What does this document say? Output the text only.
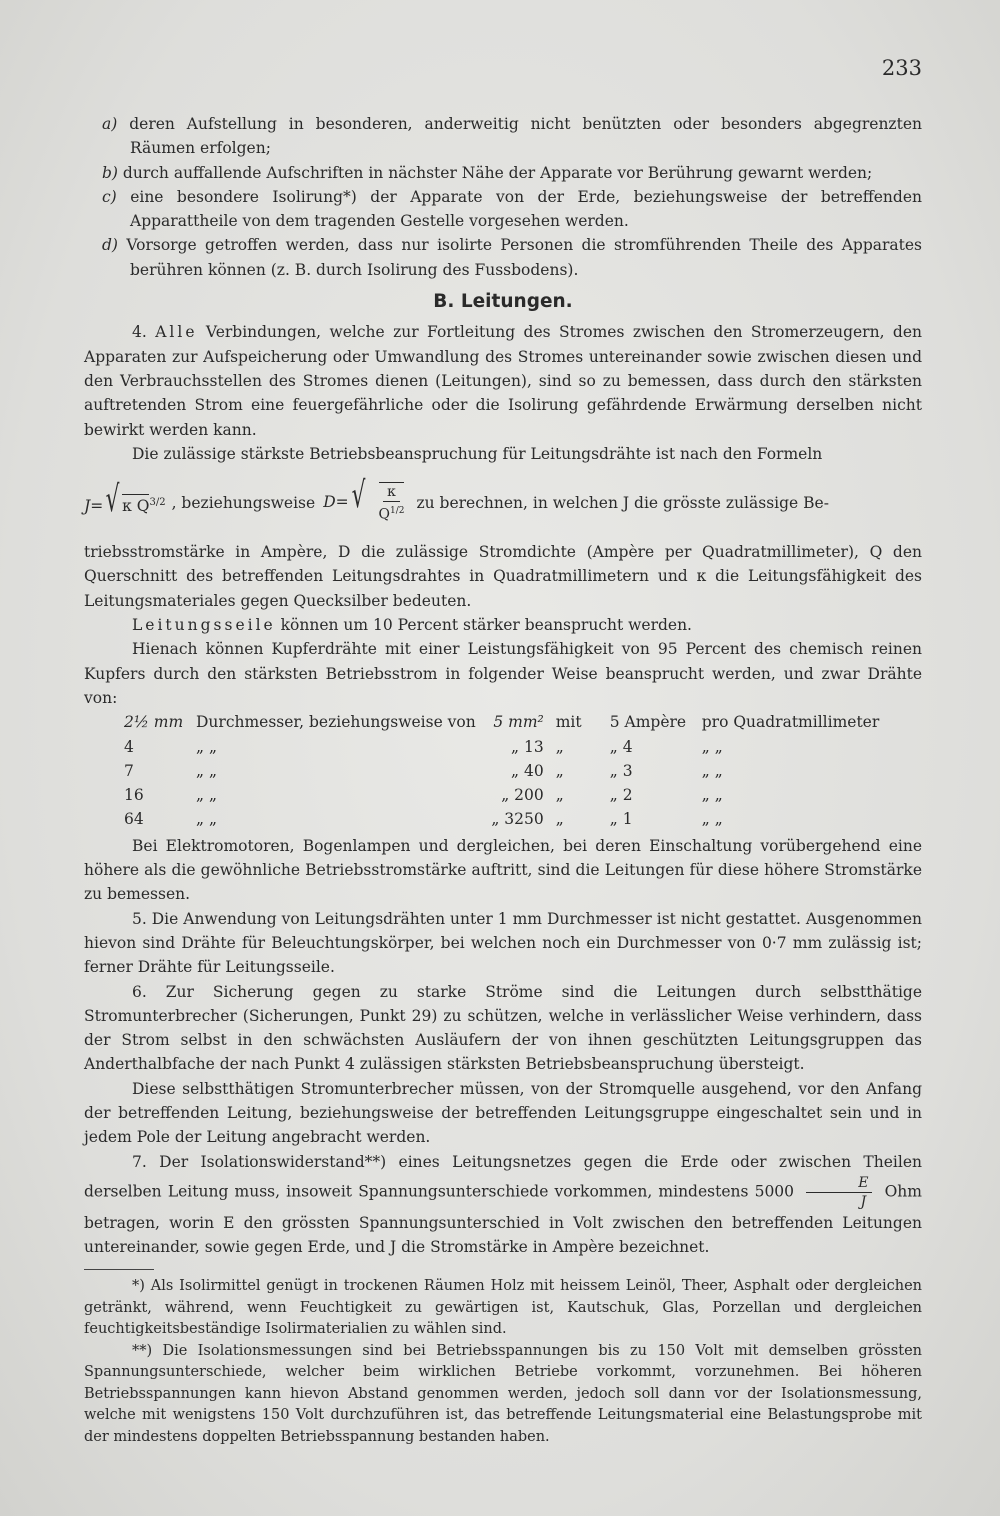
233

a) deren Aufstellung in besonderen, anderweitig nicht benützten oder besonders abgegrenzten Räumen erfolgen;

b) durch auffallende Aufschriften in nächster Nähe der Apparate vor Berührung gewarnt werden;

c) eine besondere Isolirung*) der Apparate von der Erde, beziehungsweise der betreffenden Apparattheile von dem tragenden Gestelle vorgesehen werden.

d) Vorsorge getroffen werden, dass nur isolirte Personen die stromführenden Theile des Apparates berühren können (z. B. durch Isolirung des Fussbodens).

B. Leitungen.

4. Alle Verbindungen, welche zur Fortleitung des Stromes zwischen den Stromerzeugern, den Apparaten zur Aufspeicherung oder Umwandlung des Stromes untereinander sowie zwischen diesen und den Verbrauchsstellen des Stromes dienen (Leitungen), sind so zu bemessen, dass durch den stärksten auftretenden Strom eine feuergefährliche oder die Isolirung gefährdende Erwärmung derselben nicht bewirkt werden kann.

Die zulässige stärkste Betriebsbeanspruchung für Leitungsdrähte ist nach den Formeln

J=√ κ $Q^{3/2}$ , beziehungsweise $D=√ \frac{\kappa}{Q^{1/2}}$ zu berechnen, in welchen J die grösste zulässige Be-

triebsstromstärke in Ampère, D die zulässige Stromdichte (Ampère per Quadratmillimeter), Q den Querschnitt des betreffenden Leitungsdrahtes in Quadratmillimetern und κ die Leitungsfähigkeit des Leitungsmateriales gegen Quecksilber bedeuten.

Leitungsseile können um 10 Percent stärker beansprucht werden.

Hienach können Kupferdrähte mit einer Leistungsfähigkeit von 95 Percent des chemisch reinen Kupfers durch den stärksten Betriebsstrom in folgender Weise beansprucht werden, und zwar Drähte von:

2½ mm	Durchmesser, beziehungsweise von	5 mm²	mit	5 Ampère	pro Quadratmillimeter
4	„ „	„ 13	„	„ 4	„ „
7	„ „	„ 40	„	„ 3	„ „
16	„ „	„ 200	„	„ 2	„ „
64	„ „	„ 3250	„	„ 1	„ „

Bei Elektromotoren, Bogenlampen und dergleichen, bei deren Einschaltung vorübergehend eine höhere als die gewöhnliche Betriebsstromstärke auftritt, sind die Leitungen für diese höhere Stromstärke zu bemessen.

5. Die Anwendung von Leitungsdrähten unter 1 mm Durchmesser ist nicht gestattet. Ausgenommen hievon sind Drähte für Beleuchtungskörper, bei welchen noch ein Durchmesser von 0·7 mm zulässig ist; ferner Drähte für Leitungsseile.

6. Zur Sicherung gegen zu starke Ströme sind die Leitungen durch selbstthätige Stromunterbrecher (Sicherungen, Punkt 29) zu schützen, welche in verlässlicher Weise verhindern, dass der Strom selbst in den schwächsten Ausläufern der von ihnen geschützten Leitungsgruppen das Anderthalbfache der nach Punkt 4 zulässigen stärksten Betriebsbeanspruchung übersteigt.

Diese selbstthätigen Stromunterbrecher müssen, von der Stromquelle ausgehend, vor den Anfang der betreffenden Leitung, beziehungsweise der betreffenden Leitungsgruppe eingeschaltet sein und in jedem Pole der Leitung angebracht werden.

7. Der Isolationswiderstand**) eines Leitungsnetzes gegen die Erde oder zwischen Theilen derselben Leitung muss, insoweit Spannungsunterschiede vorkommen, mindestens $5000 \frac{E}{J}$ Ohm betragen, worin E den grössten Spannungsunterschied in Volt zwischen den betreffenden Leitungen untereinander, sowie gegen Erde, und J die Stromstärke in Ampère bezeichnet.

*) Als Isolirmittel genügt in trockenen Räumen Holz mit heissem Leinöl, Theer, Asphalt oder dergleichen getränkt, während, wenn Feuchtigkeit zu gewärtigen ist, Kautschuk, Glas, Porzellan und dergleichen feuchtigkeitsbeständige Isolirmaterialien zu wählen sind.

**) Die Isolationsmessungen sind bei Betriebsspannungen bis zu 150 Volt mit demselben grössten Spannungsunterschiede, welcher beim wirklichen Betriebe vorkommt, vorzunehmen. Bei höheren Betriebsspannungen kann hievon Abstand genommen werden, jedoch soll dann vor der Isolationsmessung, welche mit wenigstens 150 Volt durchzuführen ist, das betreffende Leitungsmaterial eine Belastungsprobe mit der mindestens doppelten Betriebsspannung bestanden haben.
